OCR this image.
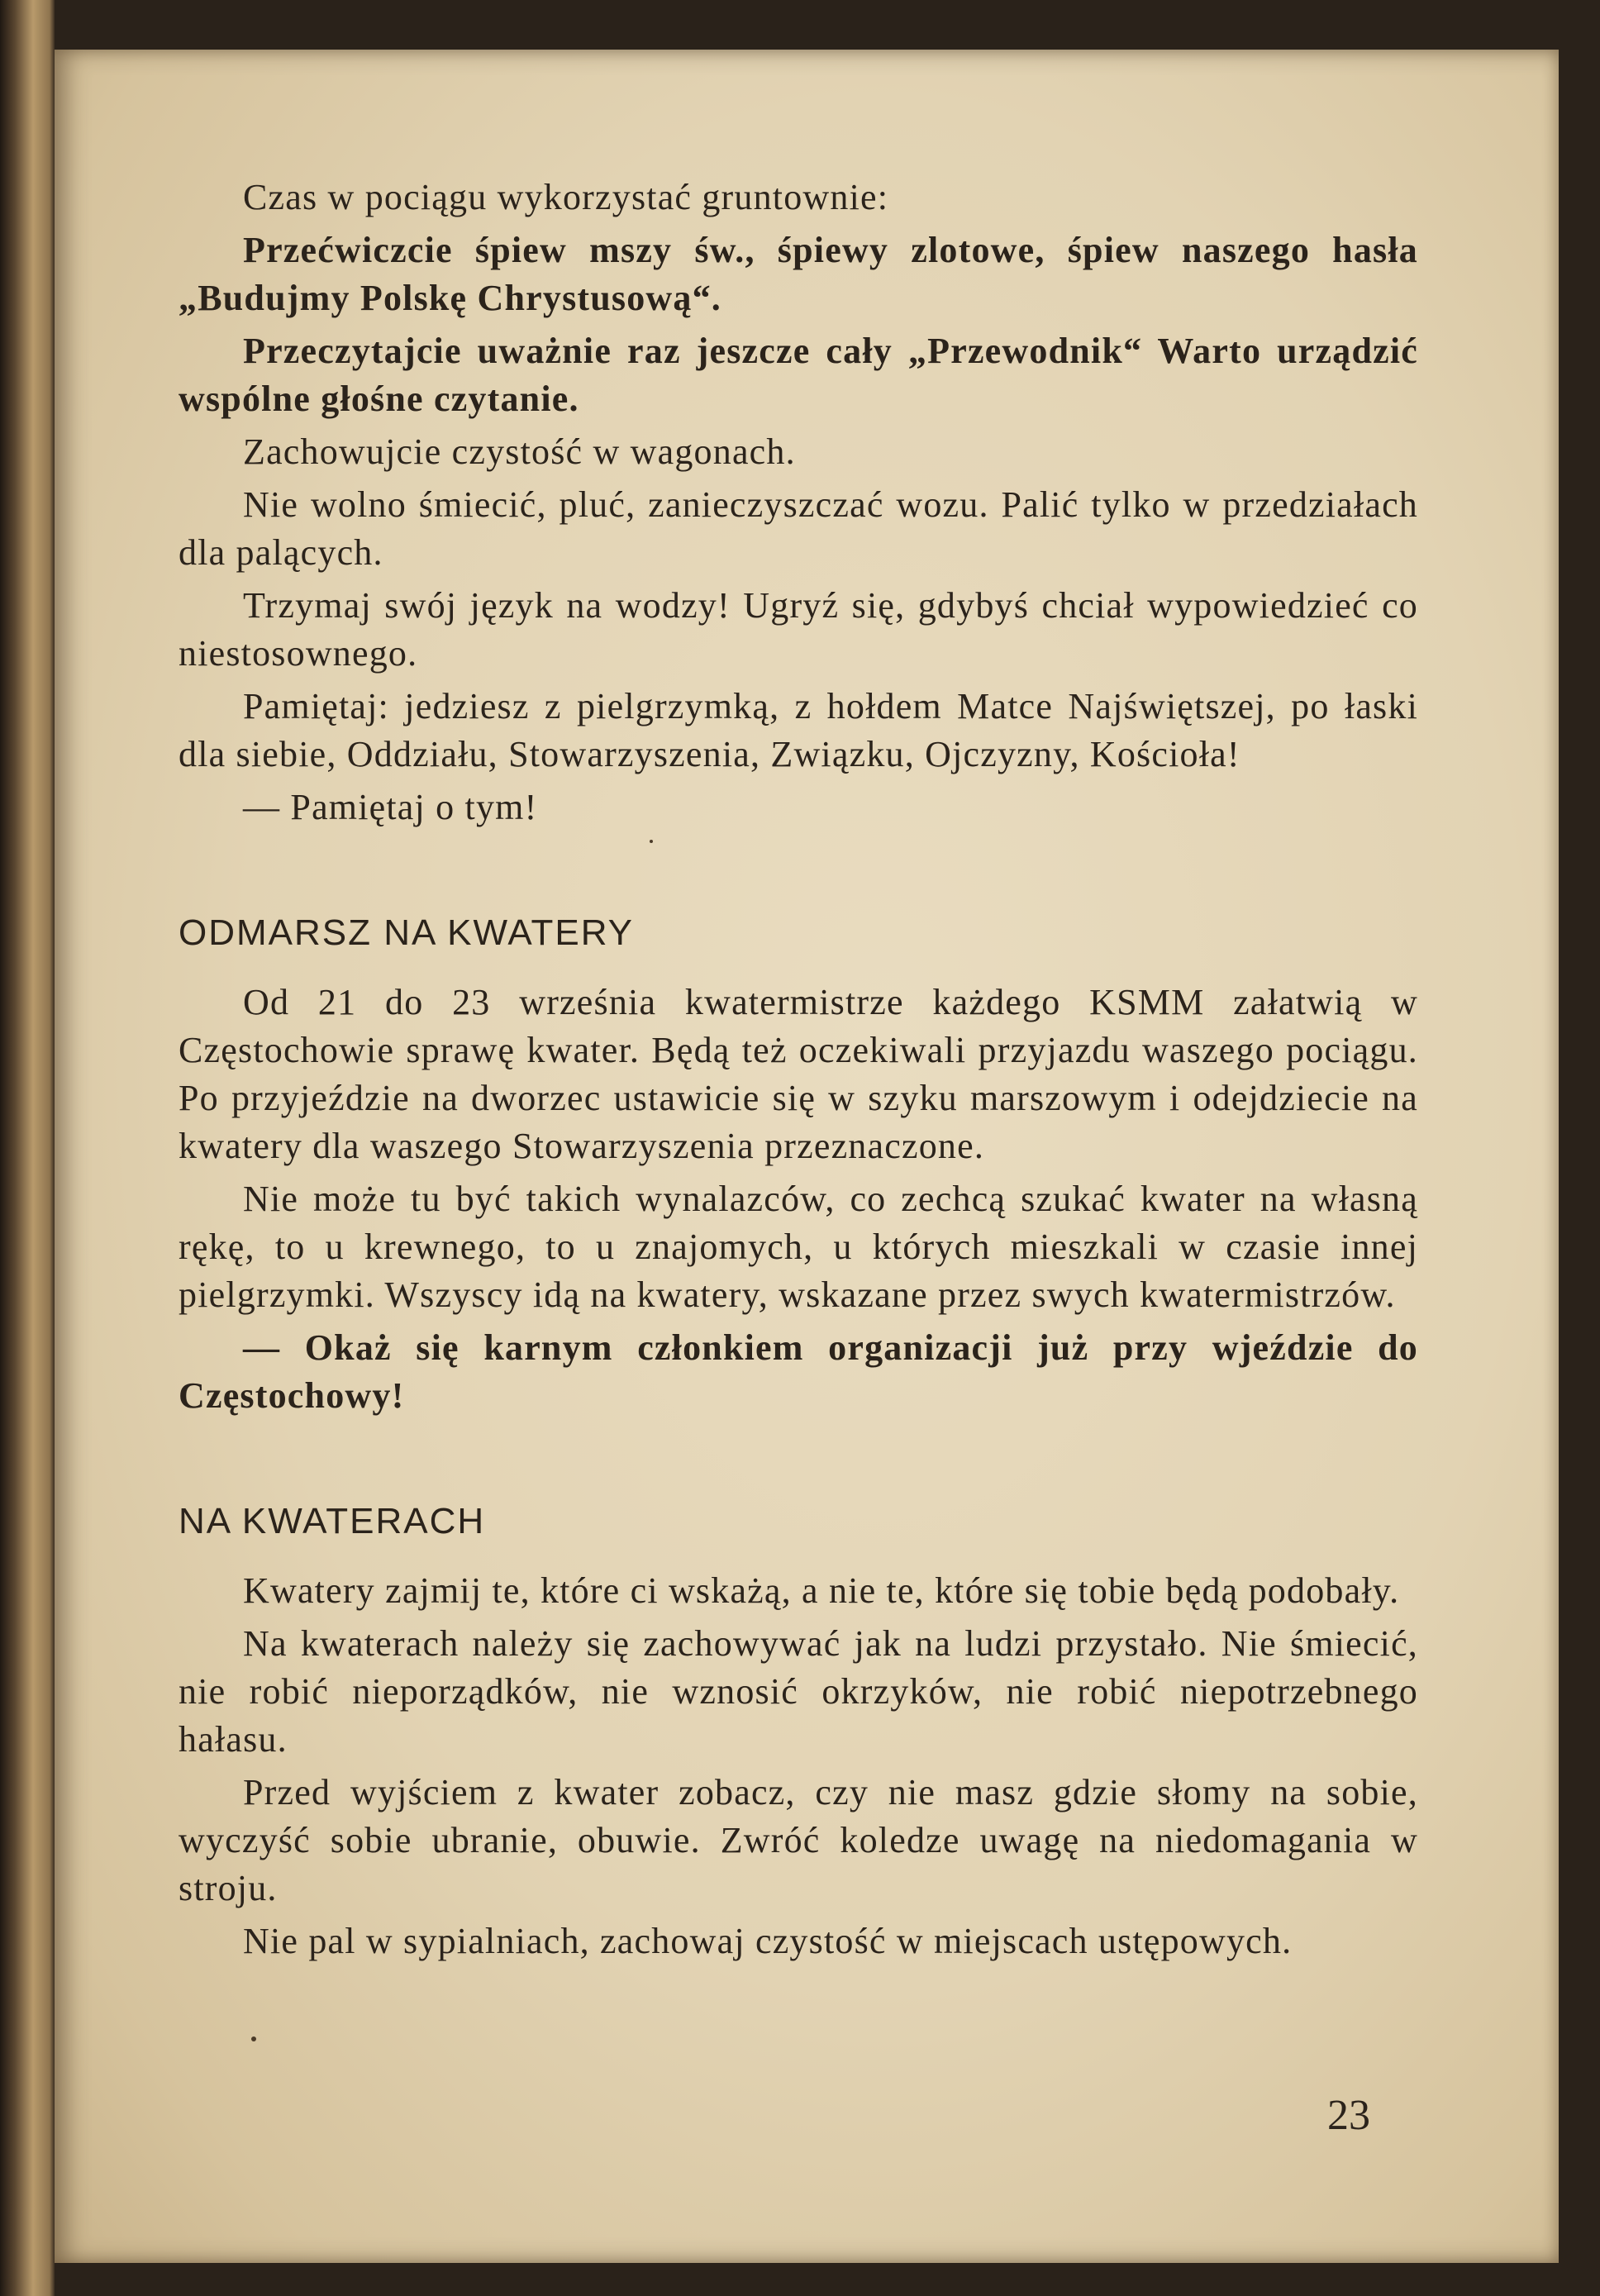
Czas w pociągu wykorzystać gruntownie:

Przećwiczcie śpiew mszy św., śpiewy zlotowe, śpiew naszego hasła „Budujmy Polskę Chrystusową“.

Przeczytajcie uważnie raz jeszcze cały „Przewodnik“ Warto urządzić wspólne głośne czytanie.

Zachowujcie czystość w wagonach.

Nie wolno śmiecić, pluć, zanieczyszczać wozu. Palić tylko w przedziałach dla palących.

Trzymaj swój język na wodzy! Ugryź się, gdybyś chciał wypowiedzieć co niestosownego.

Pamiętaj: jedziesz z pielgrzymką, z hołdem Matce Najświętszej, po łaski dla siebie, Oddziału, Stowarzyszenia, Związku, Ojczyzny, Kościoła!

— Pamiętaj o tym!

ODMARSZ NA KWATERY

Od 21 do 23 września kwatermistrze każdego KSMM załatwią w Częstochowie sprawę kwater. Będą też oczekiwali przyjazdu waszego pociągu. Po przyjeździe na dworzec ustawicie się w szyku marszowym i odejdziecie na kwatery dla waszego Stowarzyszenia przeznaczone.

Nie może tu być takich wynalazców, co zechcą szukać kwater na własną rękę, to u krewnego, to u znajomych, u których mieszkali w czasie innej pielgrzymki. Wszyscy idą na kwatery, wskazane przez swych kwatermistrzów.

— Okaż się karnym członkiem organizacji już przy wjeździe do Częstochowy!

NA KWATERACH

Kwatery zajmij te, które ci wskażą, a nie te, które się tobie będą podobały.

Na kwaterach należy się zachowywać jak na ludzi przystało. Nie śmiecić, nie robić nieporządków, nie wznosić okrzyków, nie robić niepotrzebnego hałasu.

Przed wyjściem z kwater zobacz, czy nie masz gdzie słomy na sobie, wyczyść sobie ubranie, obuwie. Zwróć koledze uwagę na niedomagania w stroju.

Nie pal w sypialniach, zachowaj czystość w miejscach ustępowych.

23
